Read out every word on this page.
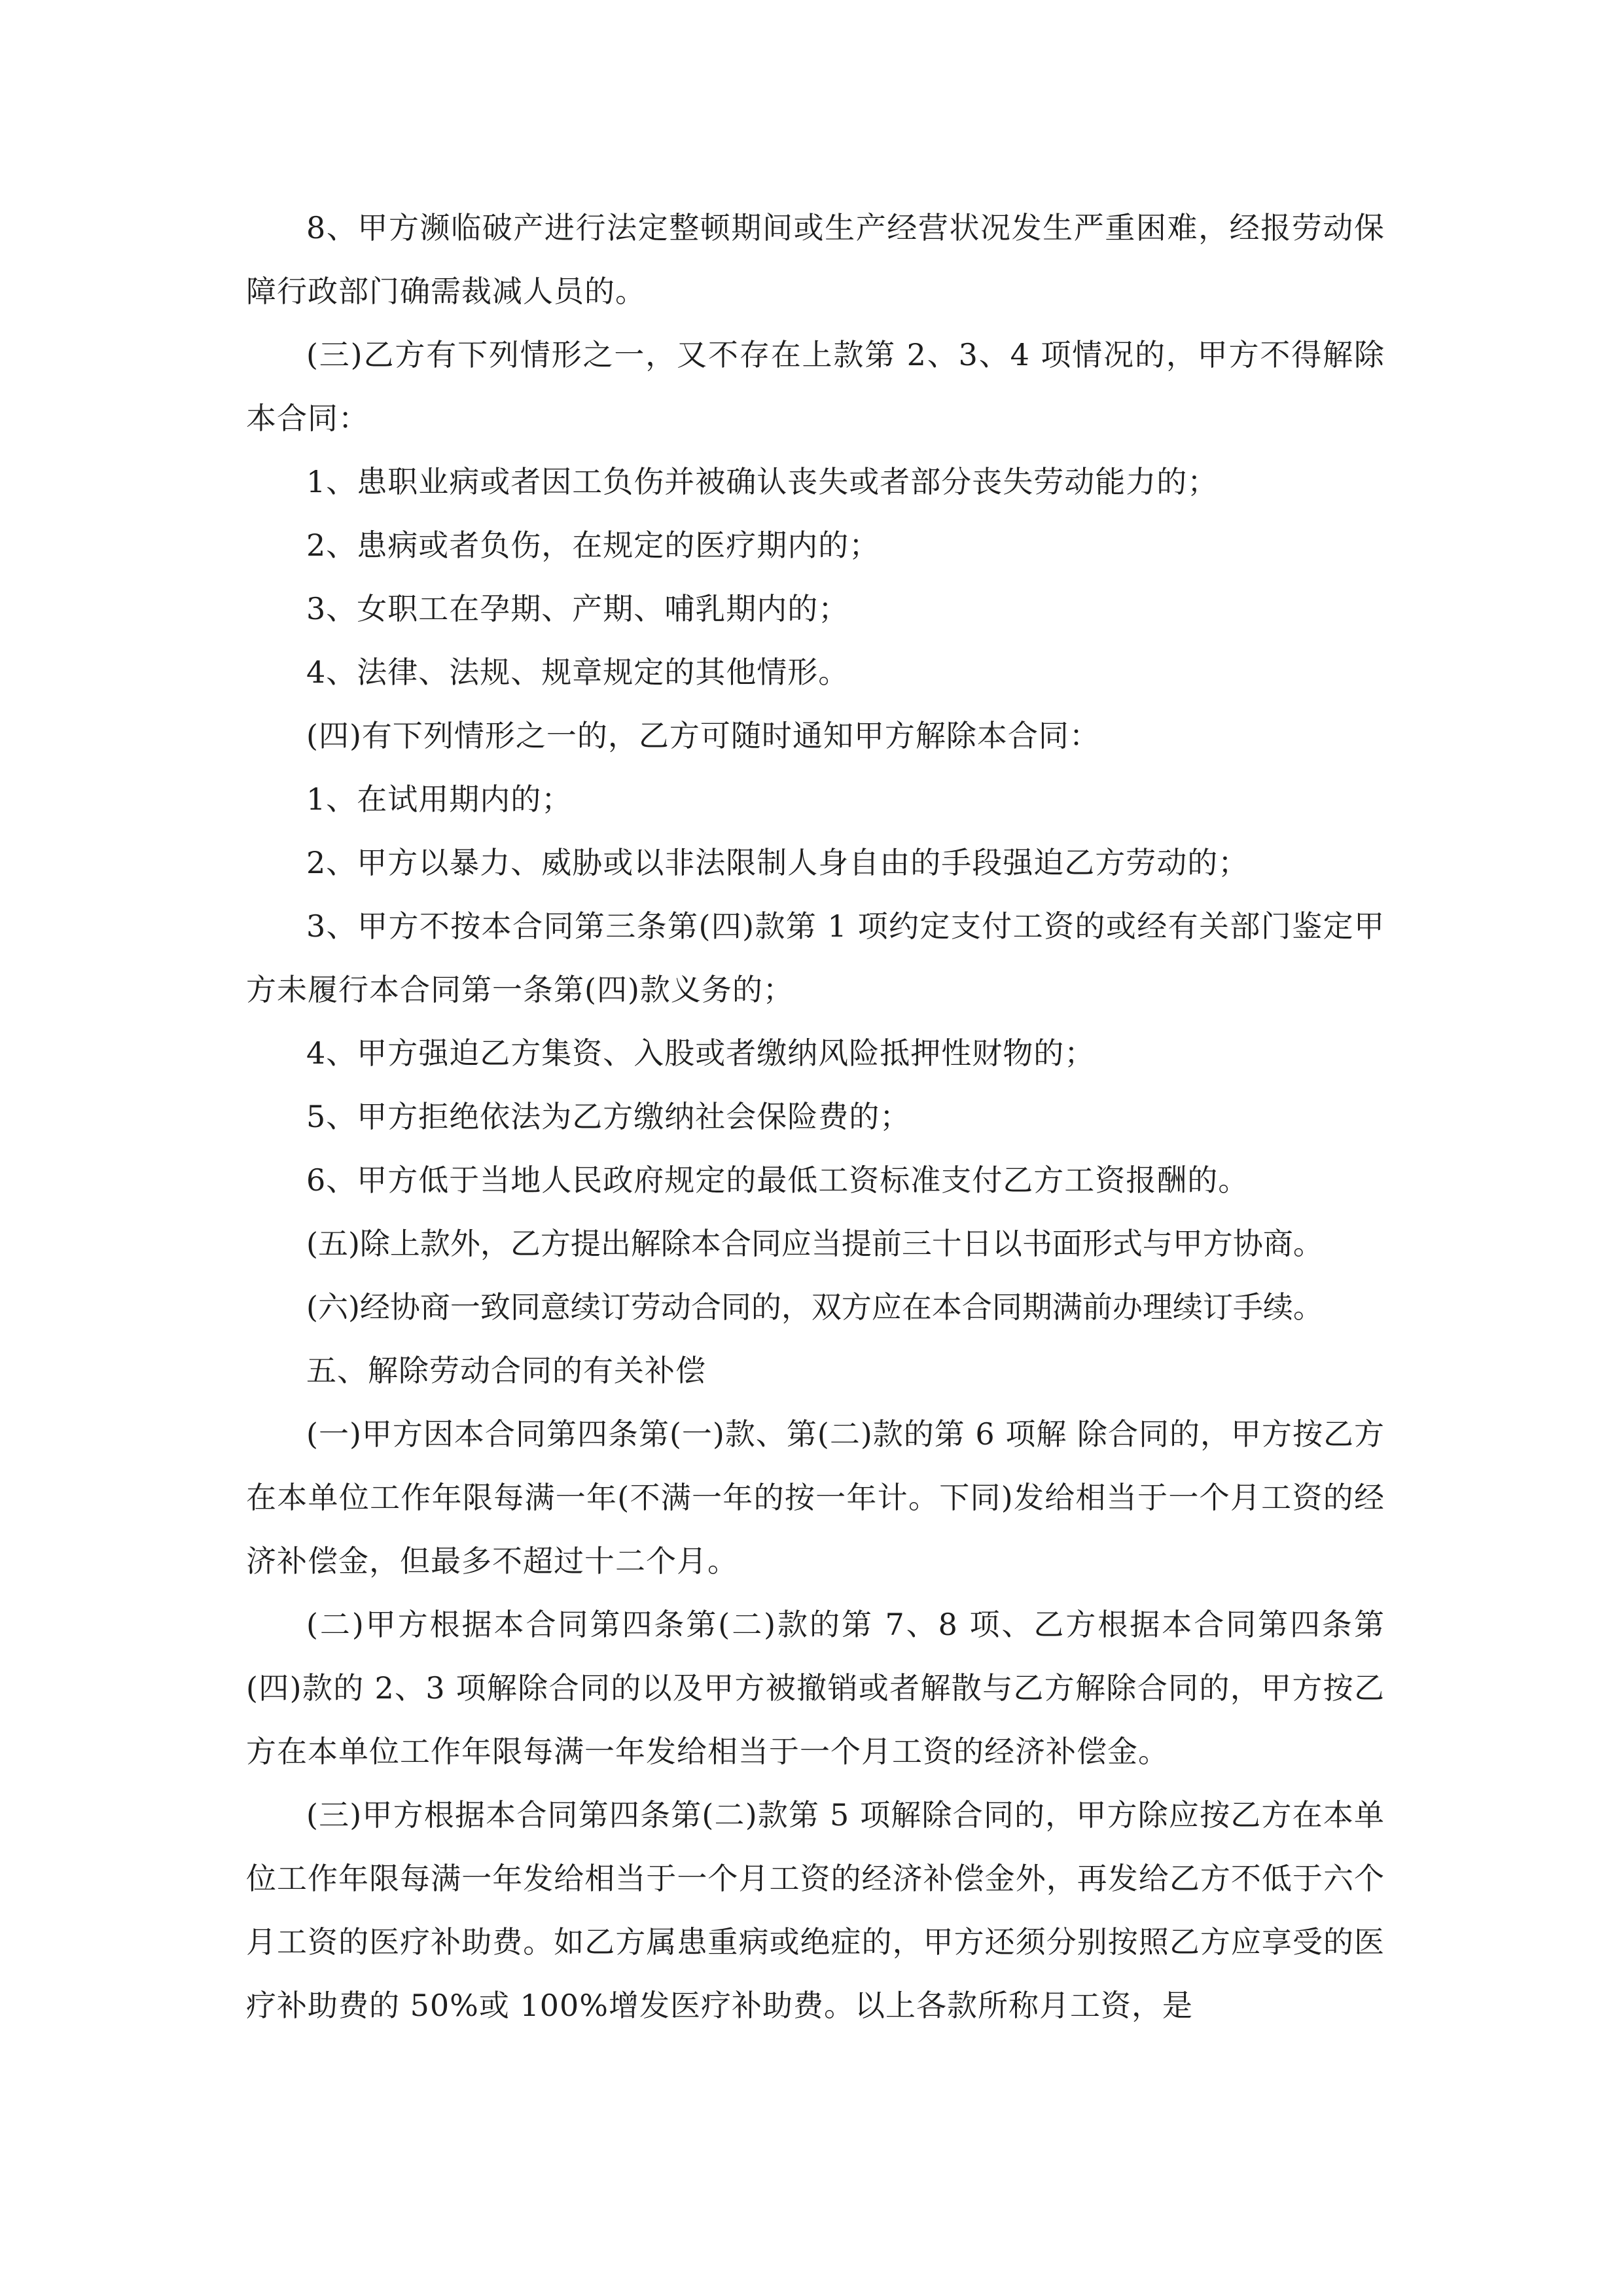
8、甲方濒临破产进行法定整顿期间或生产经营状况发生严重困难，经报劳动保障行政部门确需裁减人员的。

(三)乙方有下列情形之一，又不存在上款第 2、3、4 项情况的，甲方不得解除本合同：

1、患职业病或者因工负伤并被确认丧失或者部分丧失劳动能力的；

2、患病或者负伤，在规定的医疗期内的；

3、女职工在孕期、产期、哺乳期内的；

4、法律、法规、规章规定的其他情形。

(四)有下列情形之一的，乙方可随时通知甲方解除本合同：

1、在试用期内的；

2、甲方以暴力、威胁或以非法限制人身自由的手段强迫乙方劳动的；

3、甲方不按本合同第三条第(四)款第 1 项约定支付工资的或经有关部门鉴定甲方未履行本合同第一条第(四)款义务的；

4、甲方强迫乙方集资、入股或者缴纳风险抵押性财物的；

5、甲方拒绝依法为乙方缴纳社会保险费的；

6、甲方低于当地人民政府规定的最低工资标准支付乙方工资报酬的。

(五)除上款外，乙方提出解除本合同应当提前三十日以书面形式与甲方协商。

(六)经协商一致同意续订劳动合同的，双方应在本合同期满前办理续订手续。

五、解除劳动合同的有关补偿

(一)甲方因本合同第四条第(一)款、第(二)款的第 6 项解 除合同的，甲方按乙方在本单位工作年限每满一年(不满一年的按一年计。下同)发给相当于一个月工资的经济补偿金，但最多不超过十二个月。

(二)甲方根据本合同第四条第(二)款的第 7、8 项、乙方根据本合同第四条第(四)款的 2、3 项解除合同的以及甲方被撤销或者解散与乙方解除合同的，甲方按乙方在本单位工作年限每满一年发给相当于一个月工资的经济补偿金。

(三)甲方根据本合同第四条第(二)款第 5 项解除合同的，甲方除应按乙方在本单位工作年限每满一年发给相当于一个月工资的经济补偿金外，再发给乙方不低于六个月工资的医疗补助费。如乙方属患重病或绝症的，甲方还须分别按照乙方应享受的医疗补助费的 50%或 100%增发医疗补助费。以上各款所称月工资，是
